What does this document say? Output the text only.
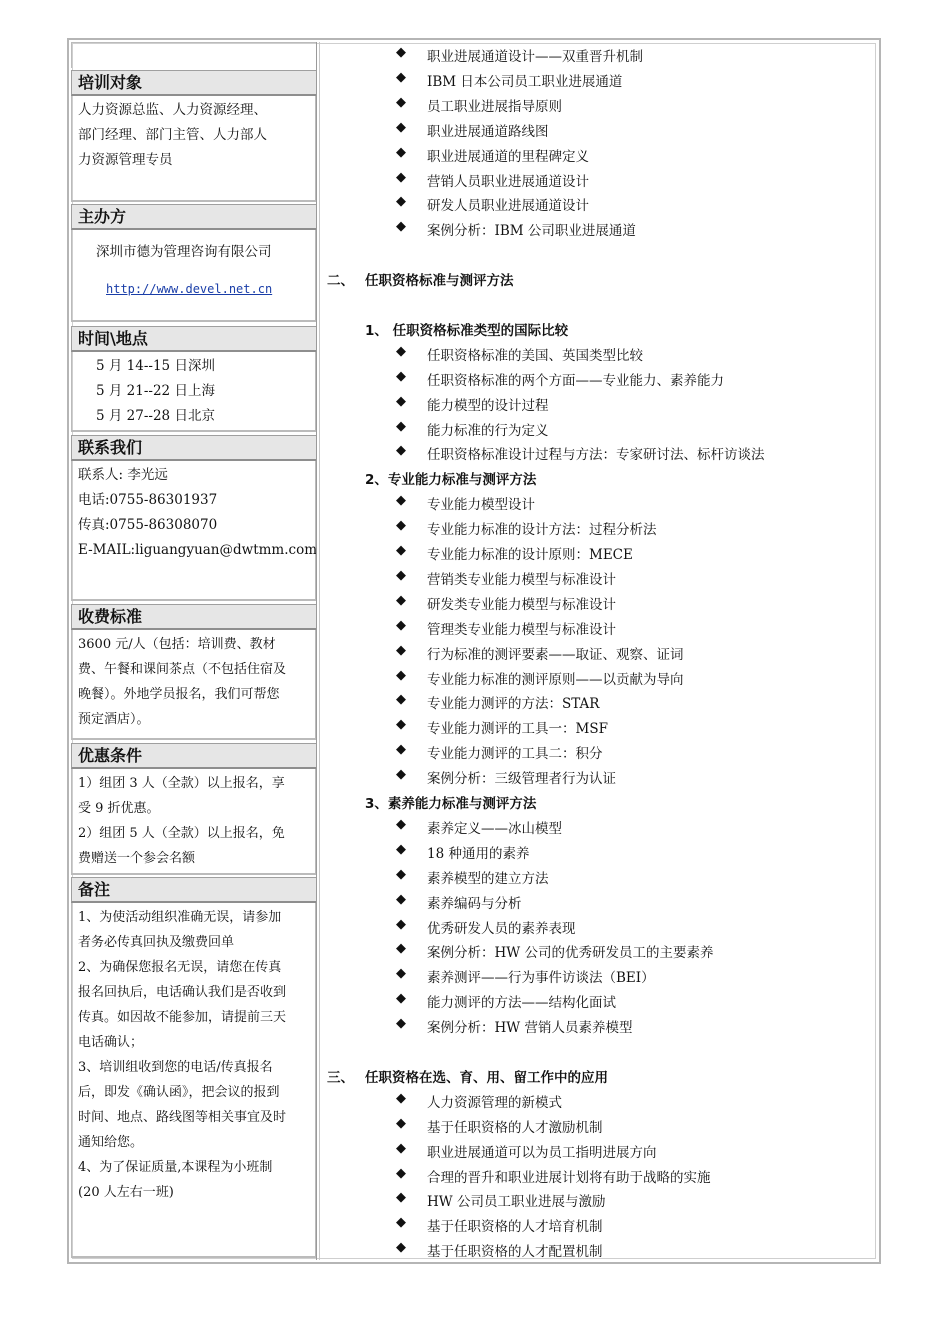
培训对象
人力资源总监、人力资源经理、
部门经理、部门主管、人力部人
力资源管理专员
主办方
深圳市德为管理咨询有限公司
http://www.devel.net.cn
时间\地点
5 月 14--15 日深圳
5 月 21--22 日上海
5 月 27--28 日北京
联系我们
联系人: 李光远
电话:0755-86301937
传真:0755-86308070
E-MAIL:liguangyuan@dwtmm.com
收费标准
3600 元/人（包括：培训费、教材
费、午餐和课间茶点（不包括住宿及
晚餐）。外地学员报名，我们可帮您
预定酒店）。
优惠条件
1）组团 3 人（全款）以上报名，享
受 9 折优惠。
2）组团 5 人（全款）以上报名，免
费赠送一个参会名额
备注
1、为使活动组织准确无误，请参加
者务必传真回执及缴费回单
2、为确保您报名无误，请您在传真
报名回执后，电话确认我们是否收到
传真。如因故不能参加，请提前三天
电话确认；
3、培训组收到您的电话/传真报名
后，即发《确认函》，把会议的报到
时间、地点、路线图等相关事宜及时
通知给您。
4、为了保证质量,本课程为小班制
(20 人左右一班)
◆ 职业进展通道设计——双重晋升机制
◆ IBM 日本公司员工职业进展通道
◆ 员工职业进展指导原则
◆ 职业进展通道路线图
◆ 职业进展通道的里程碑定义
◆ 营销人员职业进展通道设计
◆ 研发人员职业进展通道设计
◆ 案例分析：IBM 公司职业进展通道
二、 任职资格标准与测评方法
1、 任职资格标准类型的国际比较
◆ 任职资格标准的美国、英国类型比较
◆ 任职资格标准的两个方面——专业能力、素养能力
◆ 能力模型的设计过程
◆ 能力标准的行为定义
◆ 任职资格标准设计过程与方法：专家研讨法、标杆访谈法
2、专业能力标准与测评方法
◆ 专业能力模型设计
◆ 专业能力标准的设计方法：过程分析法
◆ 专业能力标准的设计原则：MECE
◆ 营销类专业能力模型与标准设计
◆ 研发类专业能力模型与标准设计
◆ 管理类专业能力模型与标准设计
◆ 行为标准的测评要素——取证、观察、证词
◆ 专业能力标准的测评原则——以贡献为导向
◆ 专业能力测评的方法：STAR
◆ 专业能力测评的工具一：MSF
◆ 专业能力测评的工具二：积分
◆ 案例分析：三级管理者行为认证
3、素养能力标准与测评方法
◆ 素养定义——冰山模型
◆ 18 种通用的素养
◆ 素养模型的建立方法
◆ 素养编码与分析
◆ 优秀研发人员的素养表现
◆ 案例分析：HW 公司的优秀研发员工的主要素养
◆ 素养测评——行为事件访谈法（BEI）
◆ 能力测评的方法——结构化面试
◆ 案例分析：HW 营销人员素养模型
三、 任职资格在选、育、用、留工作中的应用
◆ 人力资源管理的新模式
◆ 基于任职资格的人才激励机制
◆ 职业进展通道可以为员工指明进展方向
◆ 合理的晋升和职业进展计划将有助于战略的实施
◆ HW 公司员工职业进展与激励
◆ 基于任职资格的人才培育机制
◆ 基于任职资格的人才配置机制
